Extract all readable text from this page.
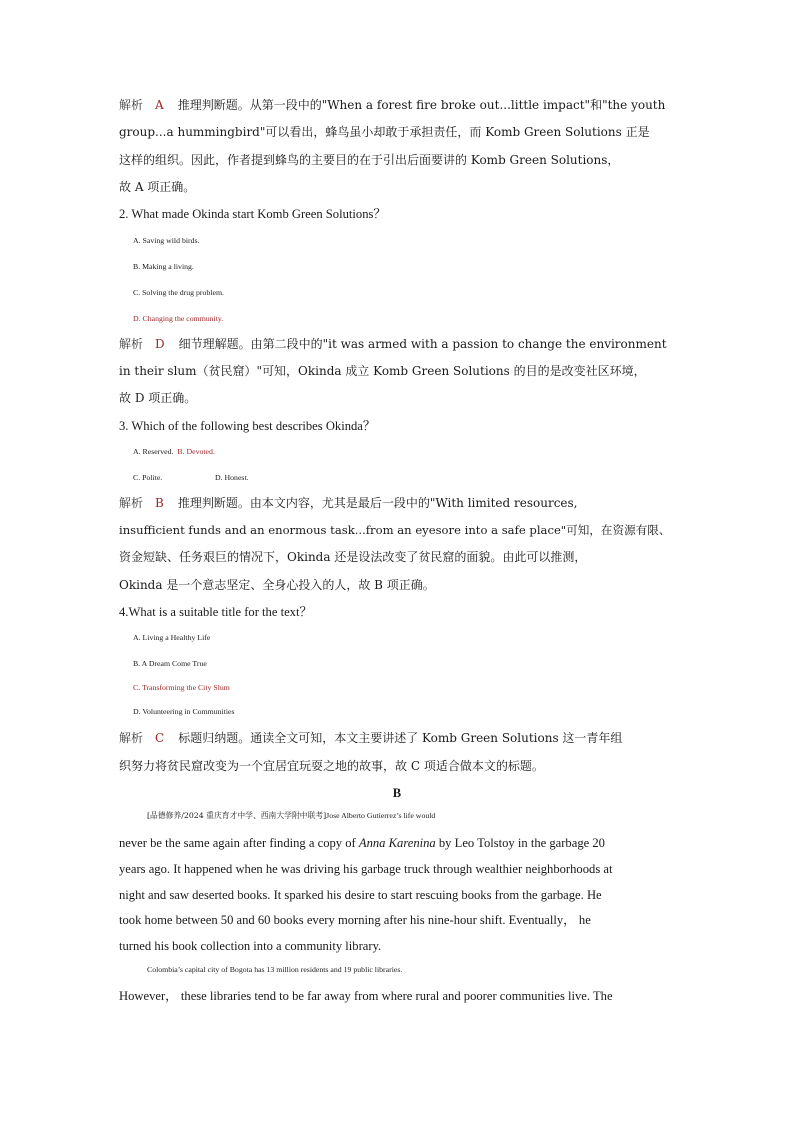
解析 A 推理判断题。从第一段中的"When a forest fire broke out...little impact"和"the youth
group...a hummingbird"可以看出，蜂鸟虽小却敢于承担责任，而 Komb Green Solutions 正是
这样的组织。因此，作者提到蜂鸟的主要目的在于引出后面要讲的 Komb Green Solutions，
故 A 项正确。
2. What made Okinda start Komb Green Solutions？
A. Saving wild birds.
B. Making a living.
C. Solving the drug problem.
D. Changing the community.
解析 D 细节理解题。由第二段中的"it was armed with a passion to change the environment
in their slum（贫民窟）"可知，Okinda 成立 Komb Green Solutions 的目的是改变社区环境，
故 D 项正确。
3. Which of the following best describes Okinda？
A. Reserved. B. Devoted.
C. Polite.	D. Honest.
解析 B 推理判断题。由本文内容，尤其是最后一段中的"With limited resources,
insufficient funds and an enormous task...from an eyesore into a safe place"可知，在资源有限、
资金短缺、任务艰巨的情况下，Okinda 还是设法改变了贫民窟的面貌。由此可以推测，
Okinda 是一个意志坚定、全身心投入的人，故 B 项正确。
4.What is a suitable title for the text？
A. Living a Healthy Life
B. A Dream Come True
C. Transforming the City Slum
D. Volunteering in Communities
解析 C 标题归纳题。通读全文可知，本文主要讲述了 Komb Green Solutions 这一青年组
织努力将贫民窟改变为一个宜居宜玩耍之地的故事，故 C 项适合做本文的标题。
B
[品德修养/2024 重庆育才中学、西南大学附中联考]Jose Alberto Gutierrez’s life would
never be the same again after finding a copy of Anna Karenina by Leo Tolstoy in the garbage 20
years ago. It happened when he was driving his garbage truck through wealthier neighborhoods at
night and saw deserted books. It sparked his desire to start rescuing books from the garbage. He
took home between 50 and 60 books every morning after his nine-hour shift. Eventually， he
turned his book collection into a community library.
Colombia’s capital city of Bogota has 13 million residents and 19 public libraries.
However， these libraries tend to be far away from where rural and poorer communities live. The
